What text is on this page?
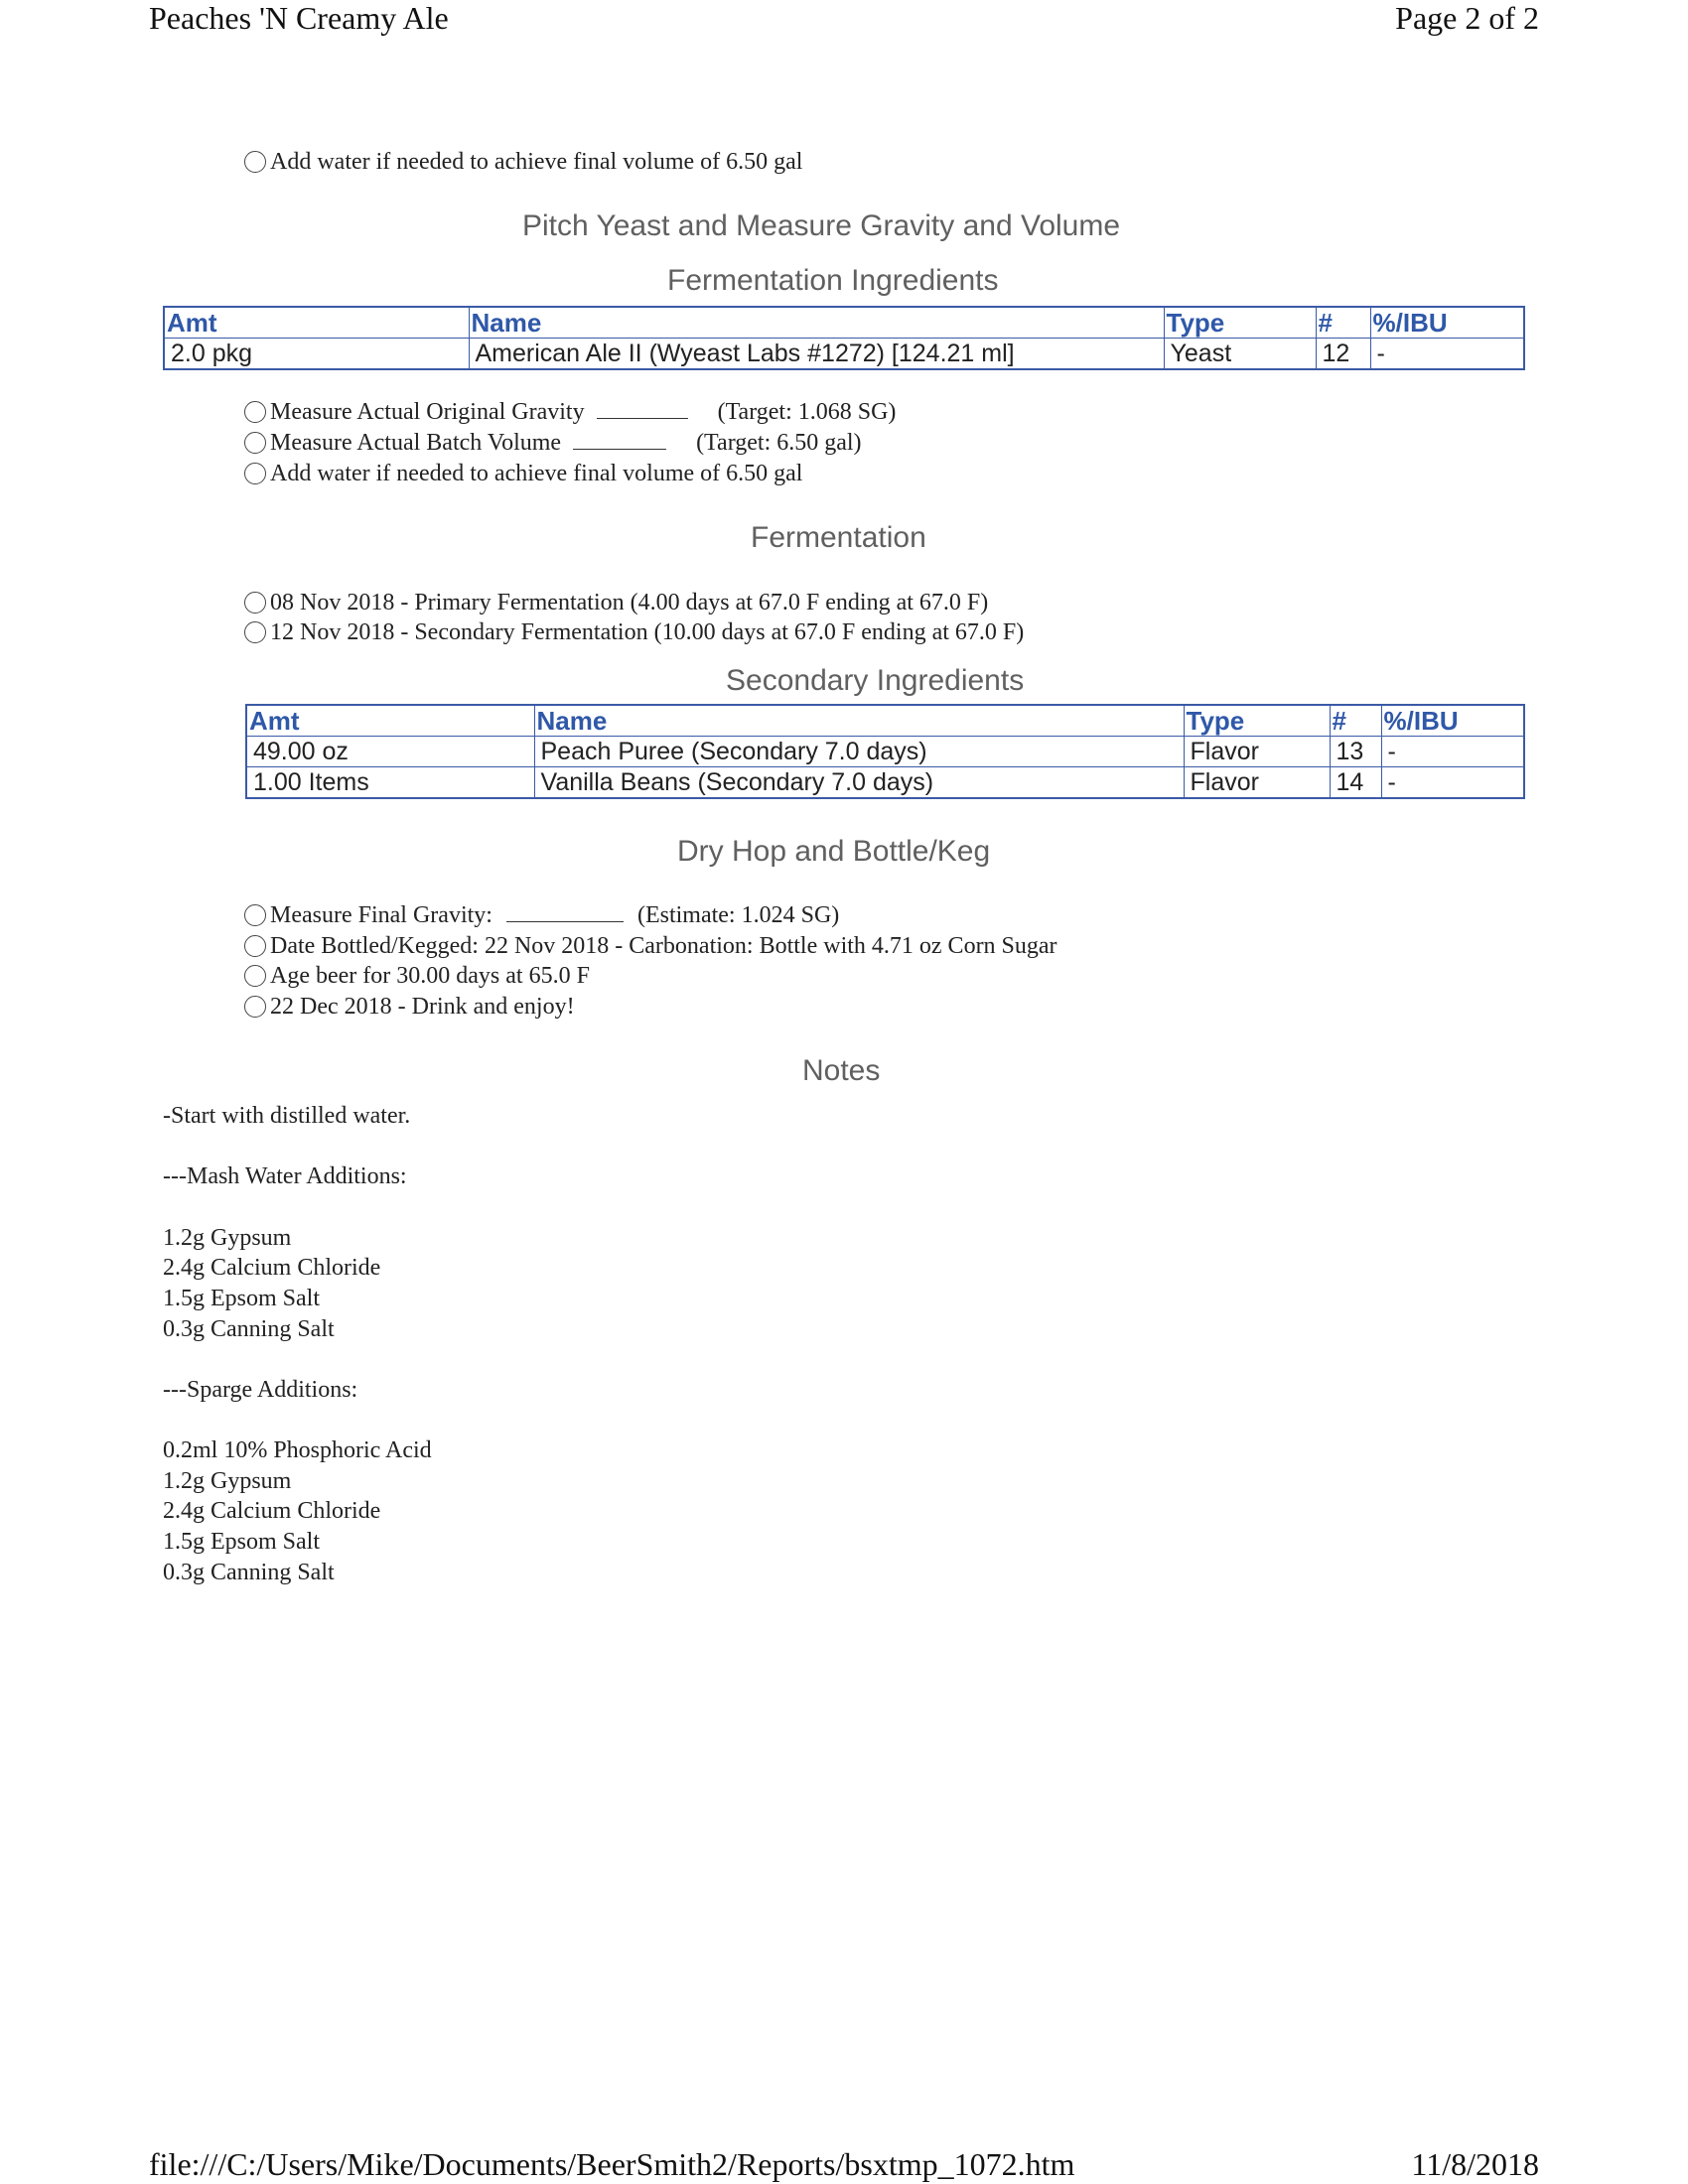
Peaches 'N Creamy Ale	Page 2 of 2
Add water if needed to achieve final volume of 6.50 gal
Pitch Yeast and Measure Gravity and Volume
Fermentation Ingredients
Amt	Name	Type	#	%/IBU
2.0 pkg	American Ale II (Wyeast Labs #1272) [124.21 ml]	Yeast	12	-
Measure Actual Original Gravity	(Target: 1.068 SG)
Measure Actual Batch Volume	(Target: 6.50 gal)
Add water if needed to achieve final volume of 6.50 gal
Fermentation
08 Nov 2018 - Primary Fermentation (4.00 days at 67.0 F ending at 67.0 F)
12 Nov 2018 - Secondary Fermentation (10.00 days at 67.0 F ending at 67.0 F)
Secondary Ingredients
Amt	Name	Type	#	%/IBU
49.00 oz	Peach Puree (Secondary 7.0 days)	Flavor	13	-
1.00 Items	Vanilla Beans (Secondary 7.0 days)	Flavor	14	-
Dry Hop and Bottle/Keg
Measure Final Gravity:	(Estimate: 1.024 SG)
Date Bottled/Kegged: 22 Nov 2018 - Carbonation: Bottle with 4.71 oz Corn Sugar
Age beer for 30.00 days at 65.0 F
22 Dec 2018 - Drink and enjoy!
Notes
-Start with distilled water.
---Mash Water Additions:
1.2g Gypsum
2.4g Calcium Chloride
1.5g Epsom Salt
0.3g Canning Salt
---Sparge Additions:
0.2ml 10% Phosphoric Acid
1.2g Gypsum
2.4g Calcium Chloride
1.5g Epsom Salt
0.3g Canning Salt
file:///C:/Users/Mike/Documents/BeerSmith2/Reports/bsxtmp_1072.htm	11/8/2018
